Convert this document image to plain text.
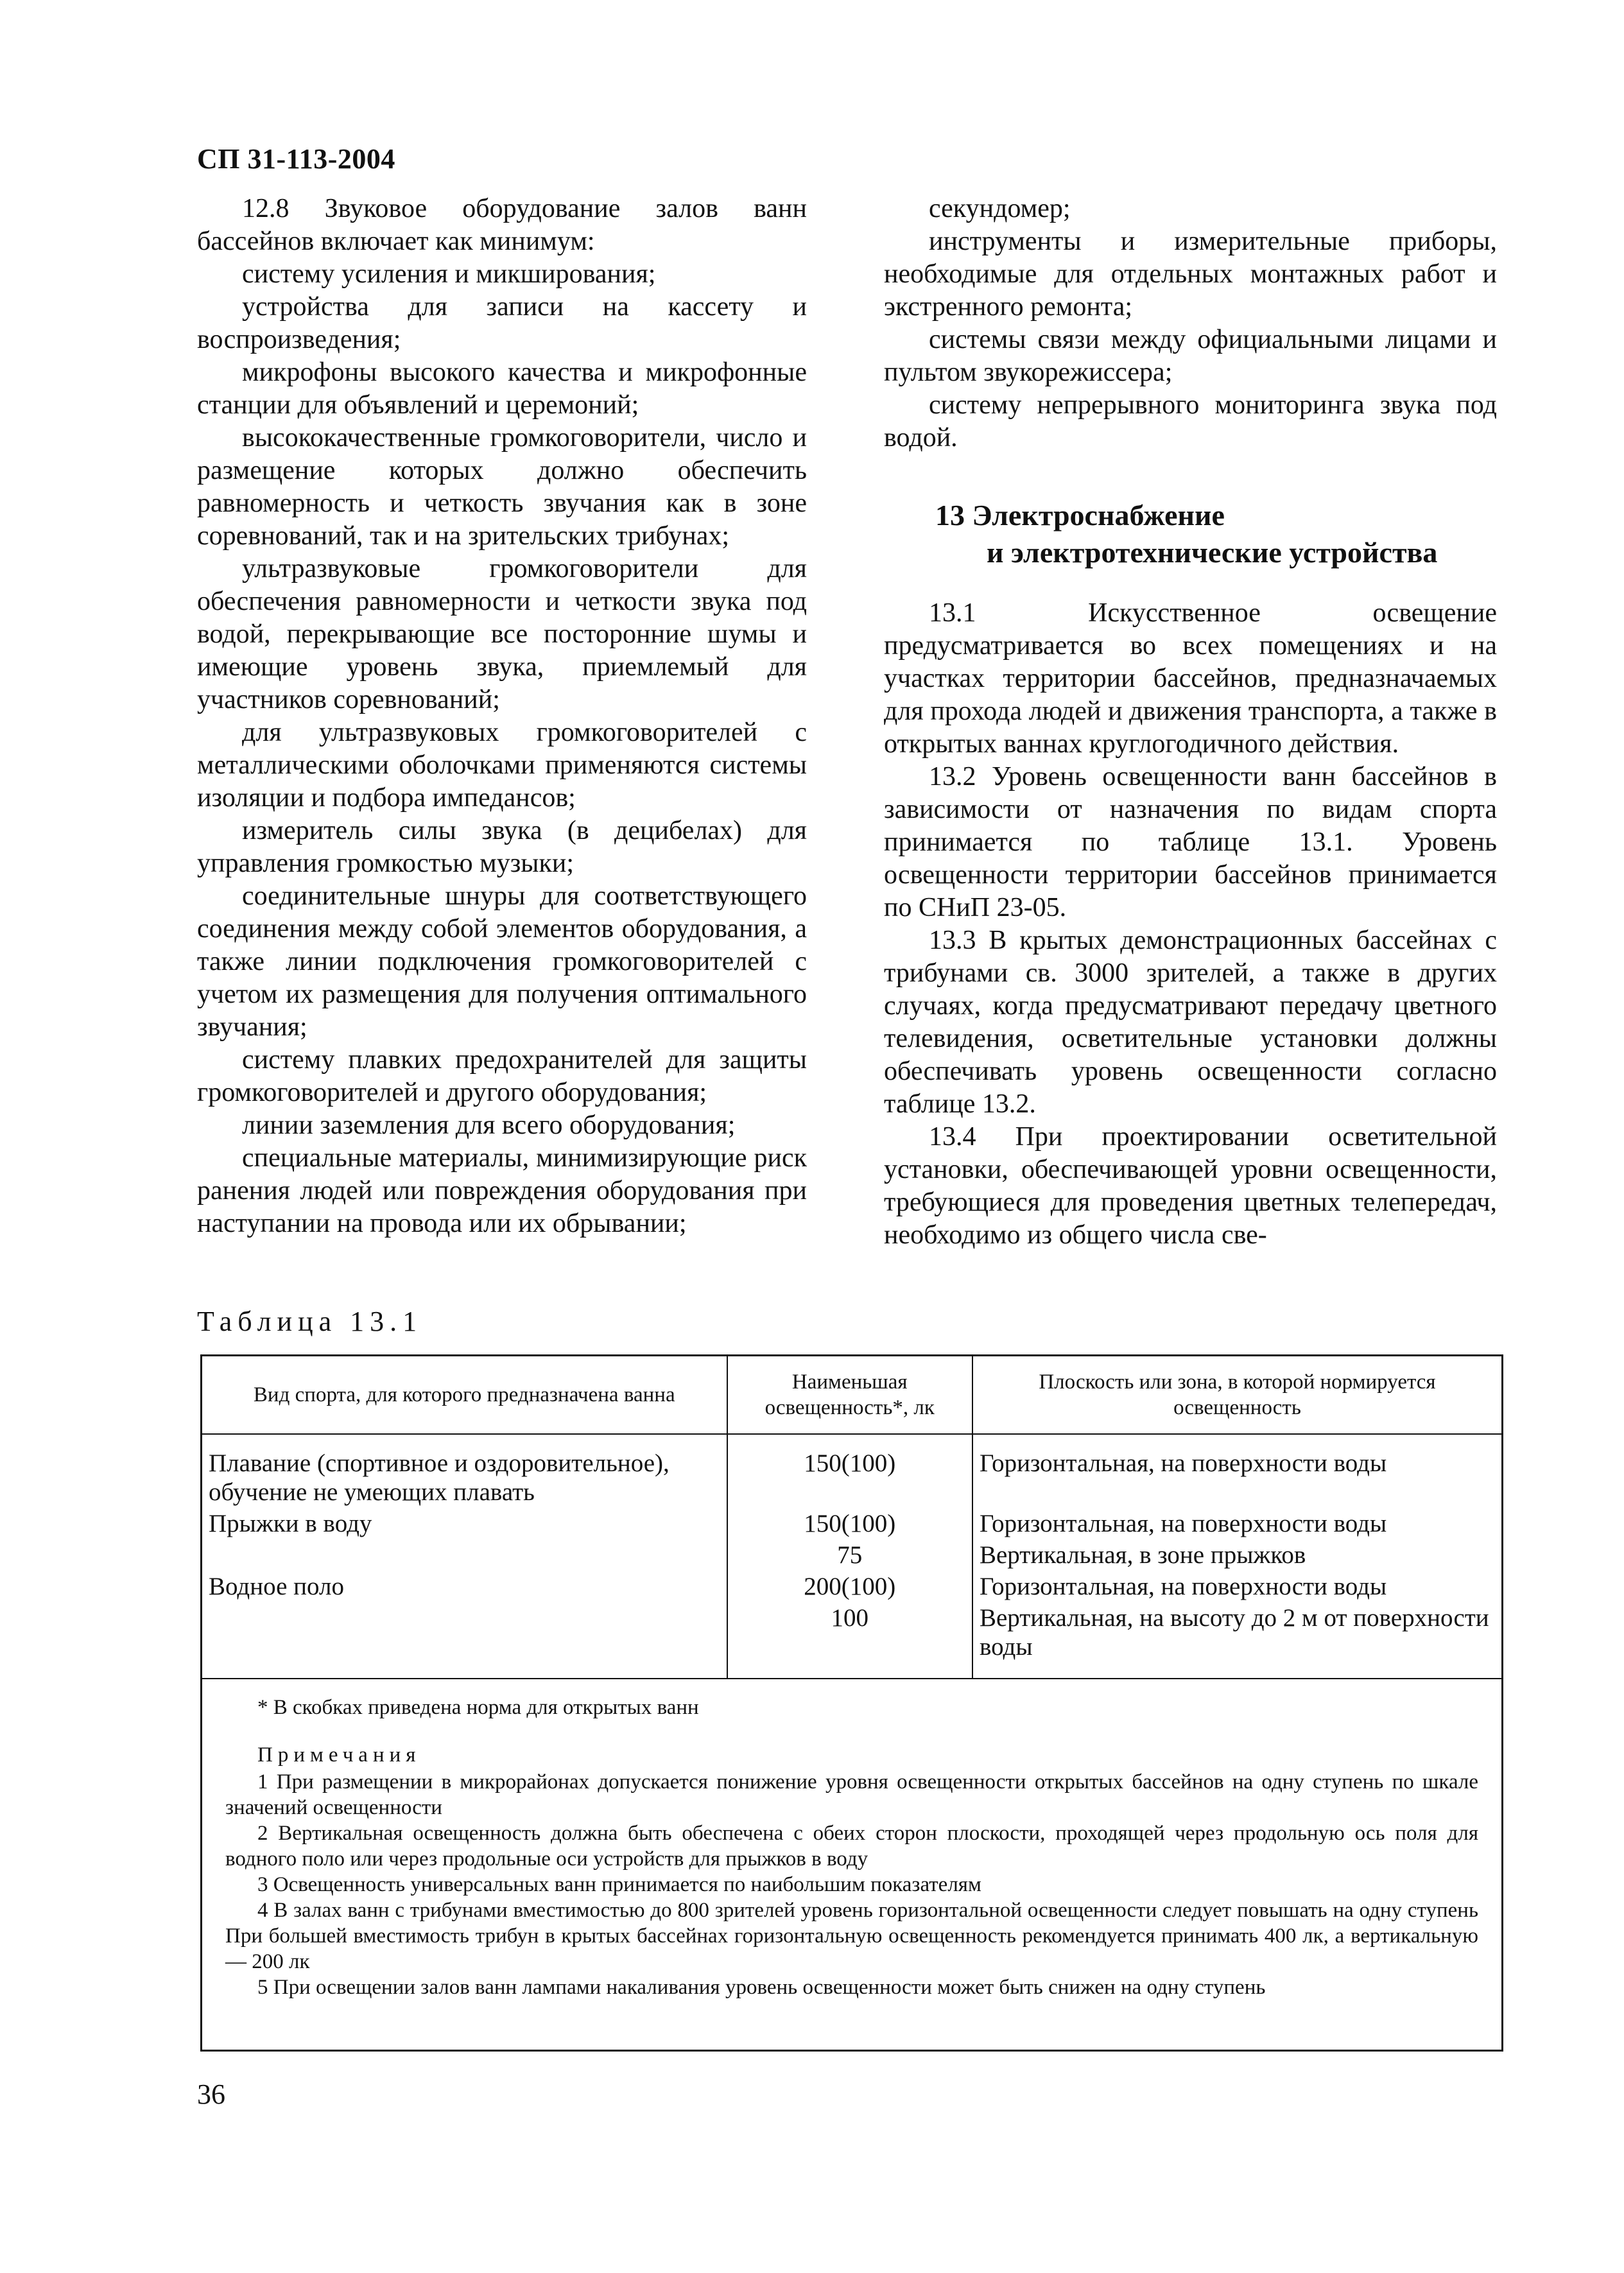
СП 31-113-2004

12.8 Звуковое оборудование залов ванн бассейнов включает как минимум:

систему усиления и микширования;

устройства для записи на кассету и воспроизведения;

микрофоны высокого качества и микрофонные станции для объявлений и церемоний;

высококачественные громкоговорители, число и размещение которых должно обеспечить равномерность и четкость звучания как в зоне соревнований, так и на зрительских трибунах;

ультразвуковые громкоговорители для обеспечения равномерности и четкости звука под водой, перекрывающие все посторонние шумы и имеющие уровень звука, приемлемый для участников соревнований;

для ультразвуковых громкоговорителей с металлическими оболочками применяются системы изоляции и подбора импедансов;

измеритель силы звука (в децибелах) для управления громкостью музыки;

соединительные шнуры для соответствующего соединения между собой элементов оборудования, а также линии подключения громкоговорителей с учетом их размещения для получения оптимального звучания;

систему плавких предохранителей для защиты громкоговорителей и другого оборудования;

линии заземления для всего оборудования;

специальные материалы, минимизирующие риск ранения людей или повреждения оборудования при наступании на провода или их обрывании;

секундомер;

инструменты и измерительные приборы, необходимые для отдельных монтажных работ и экстренного ремонта;

системы связи между официальными лицами и пультом звукорежиссера;

систему непрерывного мониторинга звука под водой.

13 Электроснабжение
и электротехнические устройства

13.1 Искусственное освещение предусматривается во всех помещениях и на участках территории бассейнов, предназначаемых для прохода людей и движения транспорта, а также в открытых ваннах круглогодичного действия.

13.2 Уровень освещенности ванн бассейнов в зависимости от назначения по видам спорта принимается по таблице 13.1. Уровень освещенности территории бассейнов принимается по СНиП 23-05.

13.3 В крытых демонстрационных бассейнах с трибунами св. 3000 зрителей, а также в других случаях, когда предусматривают передачу цветного телевидения, осветительные установки должны обеспечивать уровень освещенности согласно таблице 13.2.

13.4 При проектировании осветительной установки, обеспечивающей уровни освещенности, требующиеся для проведения цветных телепередач, необходимо из общего числа све-

Таблица 13.1
Вид спорта, для которого предназначена ванна	Наименьшая освещенность*, лк	Плоскость или зона, в которой нормируется освещенность
Плавание (спортивное и оздоровительное), обучение не умеющих плавать	150(100)	Горизонтальная, на поверхности воды
Прыжки в воду	150(100)	Горизонтальная, на поверхности воды
	75	Вертикальная, в зоне прыжков
Водное поло	200(100)	Горизонтальная, на поверхности воды
	100	Вертикальная, на высоту до 2 м от поверхности воды

* В скобках приведена норма для открытых ванн

Примечания

1 При размещении в микрорайонах допускается понижение уровня освещенности открытых бассейнов на одну ступень по шкале значений освещенности

2 Вертикальная освещенность должна быть обеспечена с обеих сторон плоскости, проходящей через продольную ось поля для водного поло или через продольные оси устройств для прыжков в воду

3 Освещенность универсальных ванн принимается по наибольшим показателям

4 В залах ванн с трибунами вместимостью до 800 зрителей уровень горизонтальной освещенности следует повышать на одну ступень При большей вместимость трибун в крытых бассейнах горизонтальную освещенность рекомендуется принимать 400 лк, а вертикальную — 200 лк

5 При освещении залов ванн лампами накаливания уровень освещенности может быть снижен на одну ступень

36
